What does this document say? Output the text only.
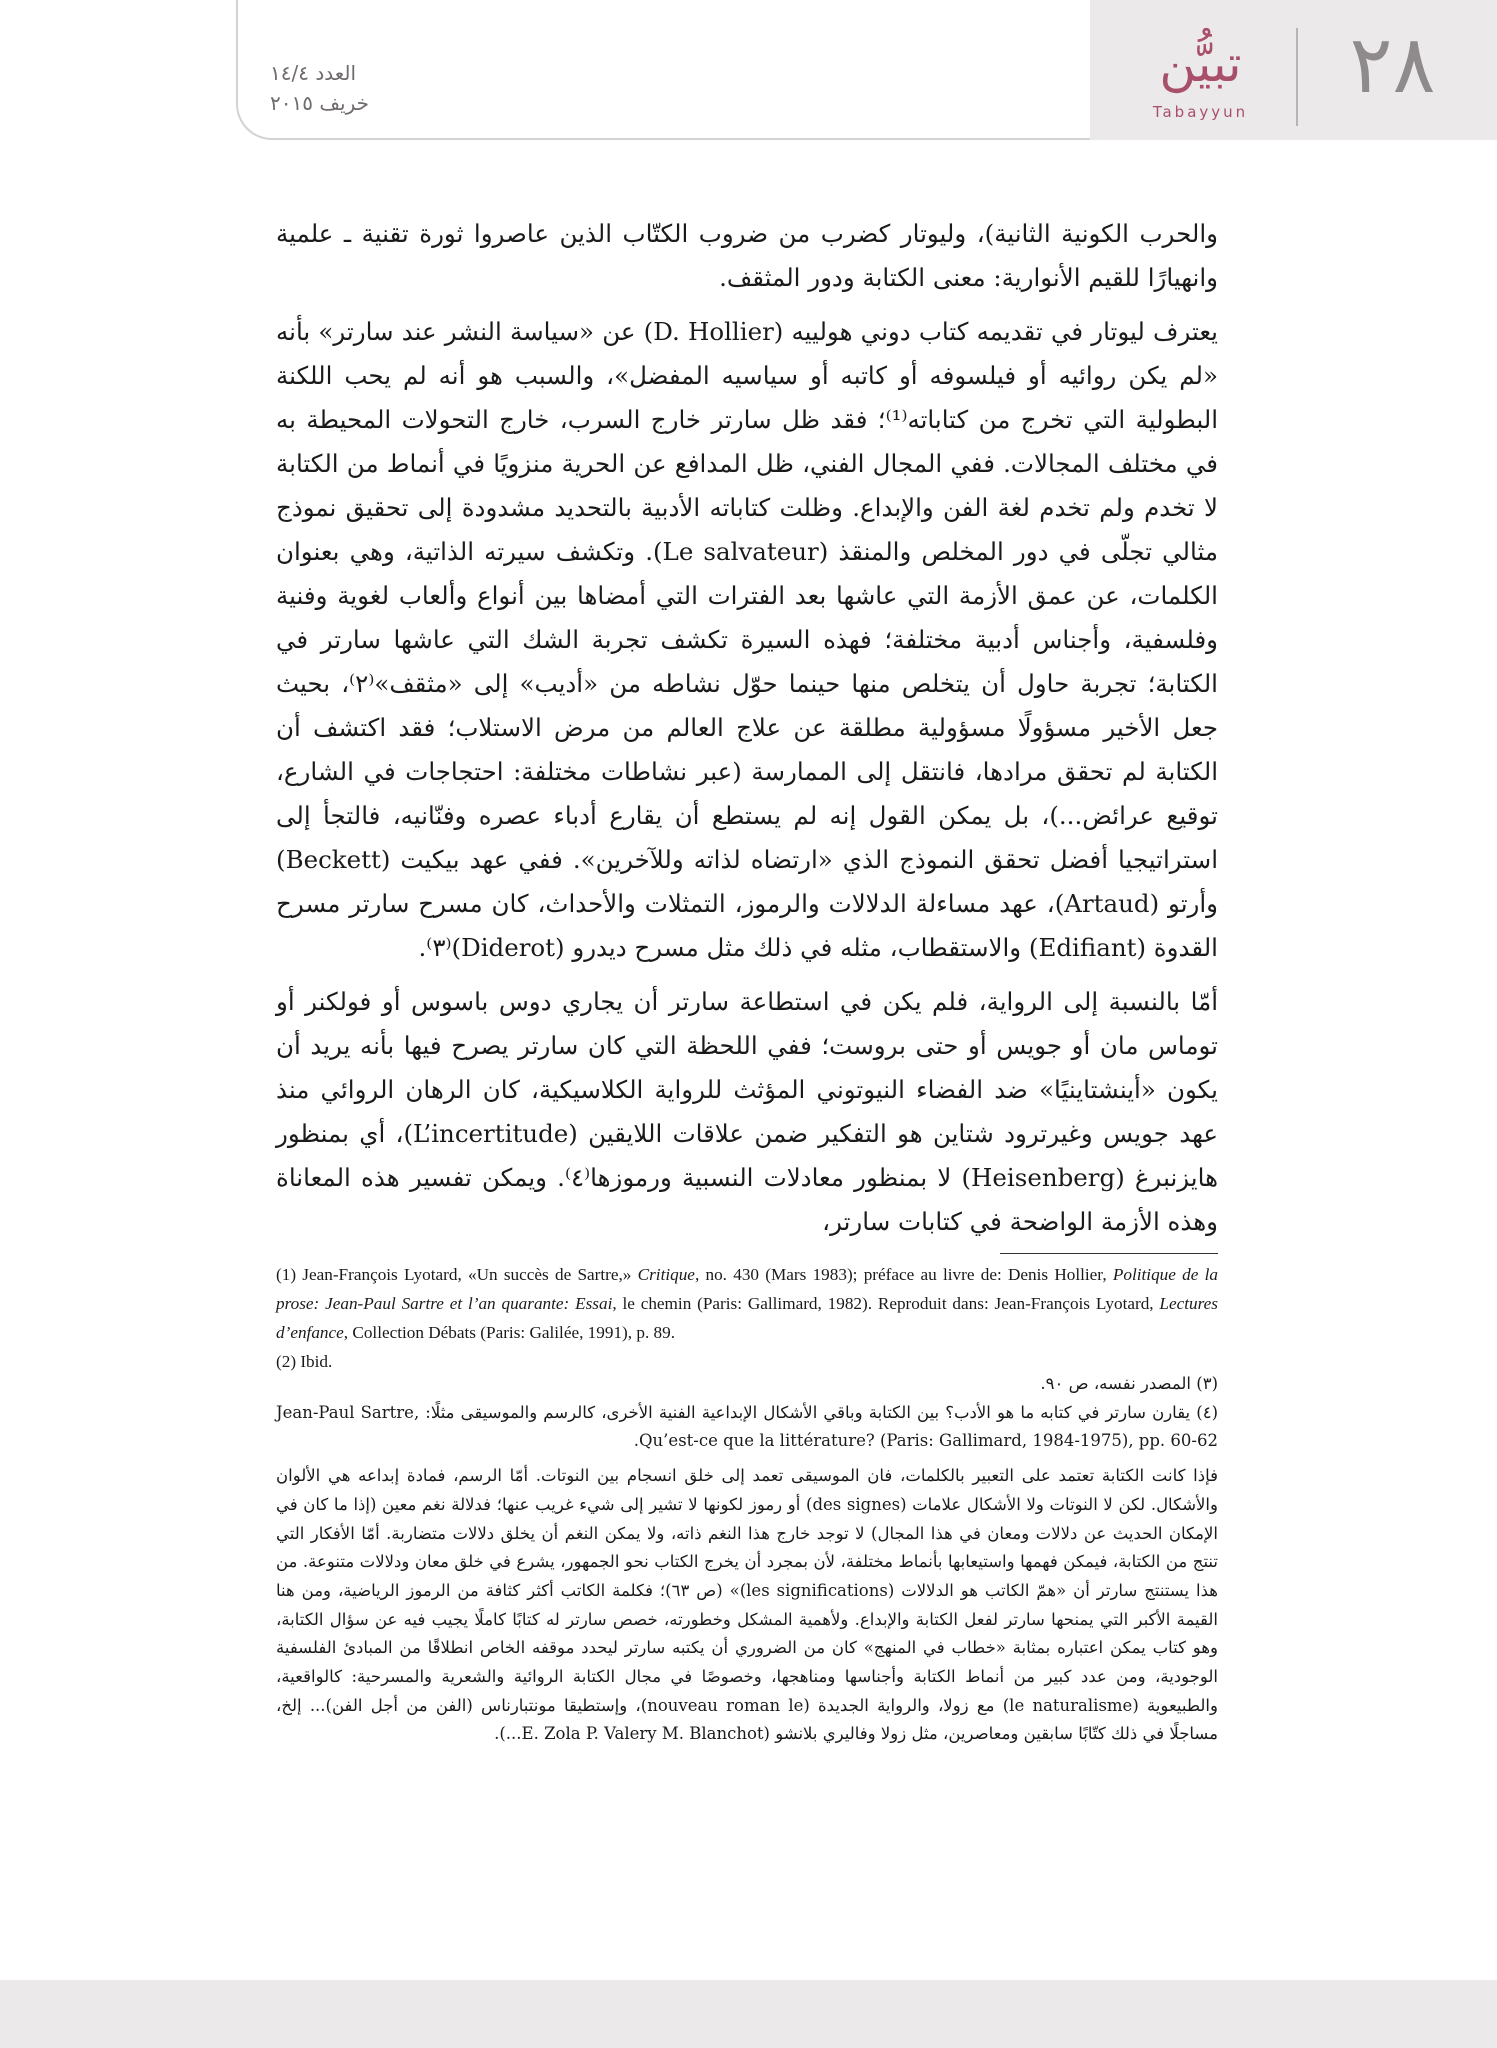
٢٨
تبيُّن
Tabayyun
العدد ١٤/٤
خريف ٢٠١٥

والحرب الكونية الثانية)، وليوتار كضرب من ضروب الكتّاب الذين عاصروا ثورة تقنية ـ علمية وانهيارًا للقيم الأنوارية: معنى الكتابة ودور المثقف.

يعترف ليوتار في تقديمه كتاب دوني هولييه (D. Hollier) عن «سياسة النشر عند سارتر» بأنه «لم يكن روائيه أو فيلسوفه أو كاتبه أو سياسيه المفضل»، والسبب هو أنه لم يحب اللكنة البطولية التي تخرج من كتاباته⁽¹⁾؛ فقد ظل سارتر خارج السرب، خارج التحولات المحيطة به في مختلف المجالات. ففي المجال الفني، ظل المدافع عن الحرية منزويًا في أنماط من الكتابة لا تخدم ولم تخدم لغة الفن والإبداع. وظلت كتاباته الأدبية بالتحديد مشدودة إلى تحقيق نموذج مثالي تجلّى في دور المخلص والمنقذ (Le salvateur). وتكشف سيرته الذاتية، وهي بعنوان الكلمات، عن عمق الأزمة التي عاشها بعد الفترات التي أمضاها بين أنواع وألعاب لغوية وفنية وفلسفية، وأجناس أدبية مختلفة؛ فهذه السيرة تكشف تجربة الشك التي عاشها سارتر في الكتابة؛ تجربة حاول أن يتخلص منها حينما حوّل نشاطه من «أديب» إلى «مثقف»⁽٢⁾، بحيث جعل الأخير مسؤولًا مسؤولية مطلقة عن علاج العالم من مرض الاستلاب؛ فقد اكتشف أن الكتابة لم تحقق مرادها، فانتقل إلى الممارسة (عبر نشاطات مختلفة: احتجاجات في الشارع، توقيع عرائض...)، بل يمكن القول إنه لم يستطع أن يقارع أدباء عصره وفنّانيه، فالتجأ إلى استراتيجيا أفضل تحقق النموذج الذي «ارتضاه لذاته وللآخرين». ففي عهد بيكيت (Beckett) وأرتو (Artaud)، عهد مساءلة الدلالات والرموز، التمثلات والأحداث، كان مسرح سارتر مسرح القدوة (Edifiant) والاستقطاب، مثله في ذلك مثل مسرح ديدرو (Diderot)⁽٣⁾.

أمّا بالنسبة إلى الرواية، فلم يكن في استطاعة سارتر أن يجاري دوس باسوس أو فولكنر أو توماس مان أو جويس أو حتى بروست؛ ففي اللحظة التي كان سارتر يصرح فيها بأنه يريد أن يكون «أينشتاينيًا» ضد الفضاء النيوتوني المؤثث للرواية الكلاسيكية، كان الرهان الروائي منذ عهد جويس وغيرترود شتاين هو التفكير ضمن علاقات اللايقين (L’incertitude)، أي بمنظور هايزنبرغ (Heisenberg) لا بمنظور معادلات النسبية ورموزها⁽٤⁾. ويمكن تفسير هذه المعاناة وهذه الأزمة الواضحة في كتابات سارتر،

(1) Jean-François Lyotard, «Un succès de Sartre,» Critique, no. 430 (Mars 1983); préface au livre de: Denis Hollier, Politique de la prose: Jean-Paul Sartre et l’an quarante: Essai, le chemin (Paris: Gallimard, 1982). Reproduit dans: Jean-François Lyotard, Lectures d’enfance, Collection Débats (Paris: Galilée, 1991), p. 89.

(2) Ibid.

(٣) المصدر نفسه، ص ٩٠.

(٤) يقارن سارتر في كتابه ما هو الأدب؟ بين الكتابة وباقي الأشكال الإبداعية الفنية الأخرى، كالرسم والموسيقى مثلًا: Jean-Paul Sartre, Qu’est-ce que la littérature? (Paris: Gallimard, 1984-1975), pp. 60-62.

فإذا كانت الكتابة تعتمد على التعبير بالكلمات، فان الموسيقى تعمد إلى خلق انسجام بين النوتات. أمّا الرسم، فمادة إبداعه هي الألوان والأشكال. لكن لا النوتات ولا الأشكال علامات (des signes) أو رموز لكونها لا تشير إلى شيء غريب عنها؛ فدلالة نغم معين (إذا ما كان في الإمكان الحديث عن دلالات ومعان في هذا المجال) لا توجد خارج هذا النغم ذاته، ولا يمكن النغم أن يخلق دلالات متضاربة. أمّا الأفكار التي تنتج من الكتابة، فيمكن فهمها واستيعابها بأنماط مختلفة، لأن بمجرد أن يخرج الكتاب نحو الجمهور، يشرع في خلق معان ودلالات متنوعة. من هذا يستنتج سارتر أن «همّ الكاتب هو الدلالات (les significations)» (ص ٦٣)؛ فكلمة الكاتب أكثر كثافة من الرموز الرياضية، ومن هنا القيمة الأكبر التي يمنحها سارتر لفعل الكتابة والإبداع. ولأهمية المشكل وخطورته، خصص سارتر له كتابًا كاملًا يجيب فيه عن سؤال الكتابة، وهو كتاب يمكن اعتباره بمثابة «خطاب في المنهج» كان من الضروري أن يكتبه سارتر ليحدد موقفه الخاص انطلاقًا من المبادئ الفلسفية الوجودية، ومن عدد كبير من أنماط الكتابة وأجناسها ومناهجها، وخصوصًا في مجال الكتابة الروائية والشعرية والمسرحية: كالواقعية، والطبيعوية (le naturalisme) مع زولا، والرواية الجديدة (nouveau roman le)، وإستطيقا مونتبارناس (الفن من أجل الفن)... إلخ، مساجلًا في ذلك كتّابًا سابقين ومعاصرين، مثل زولا وفاليري بلانشو (E. Zola P. Valery M. Blanchot...).
